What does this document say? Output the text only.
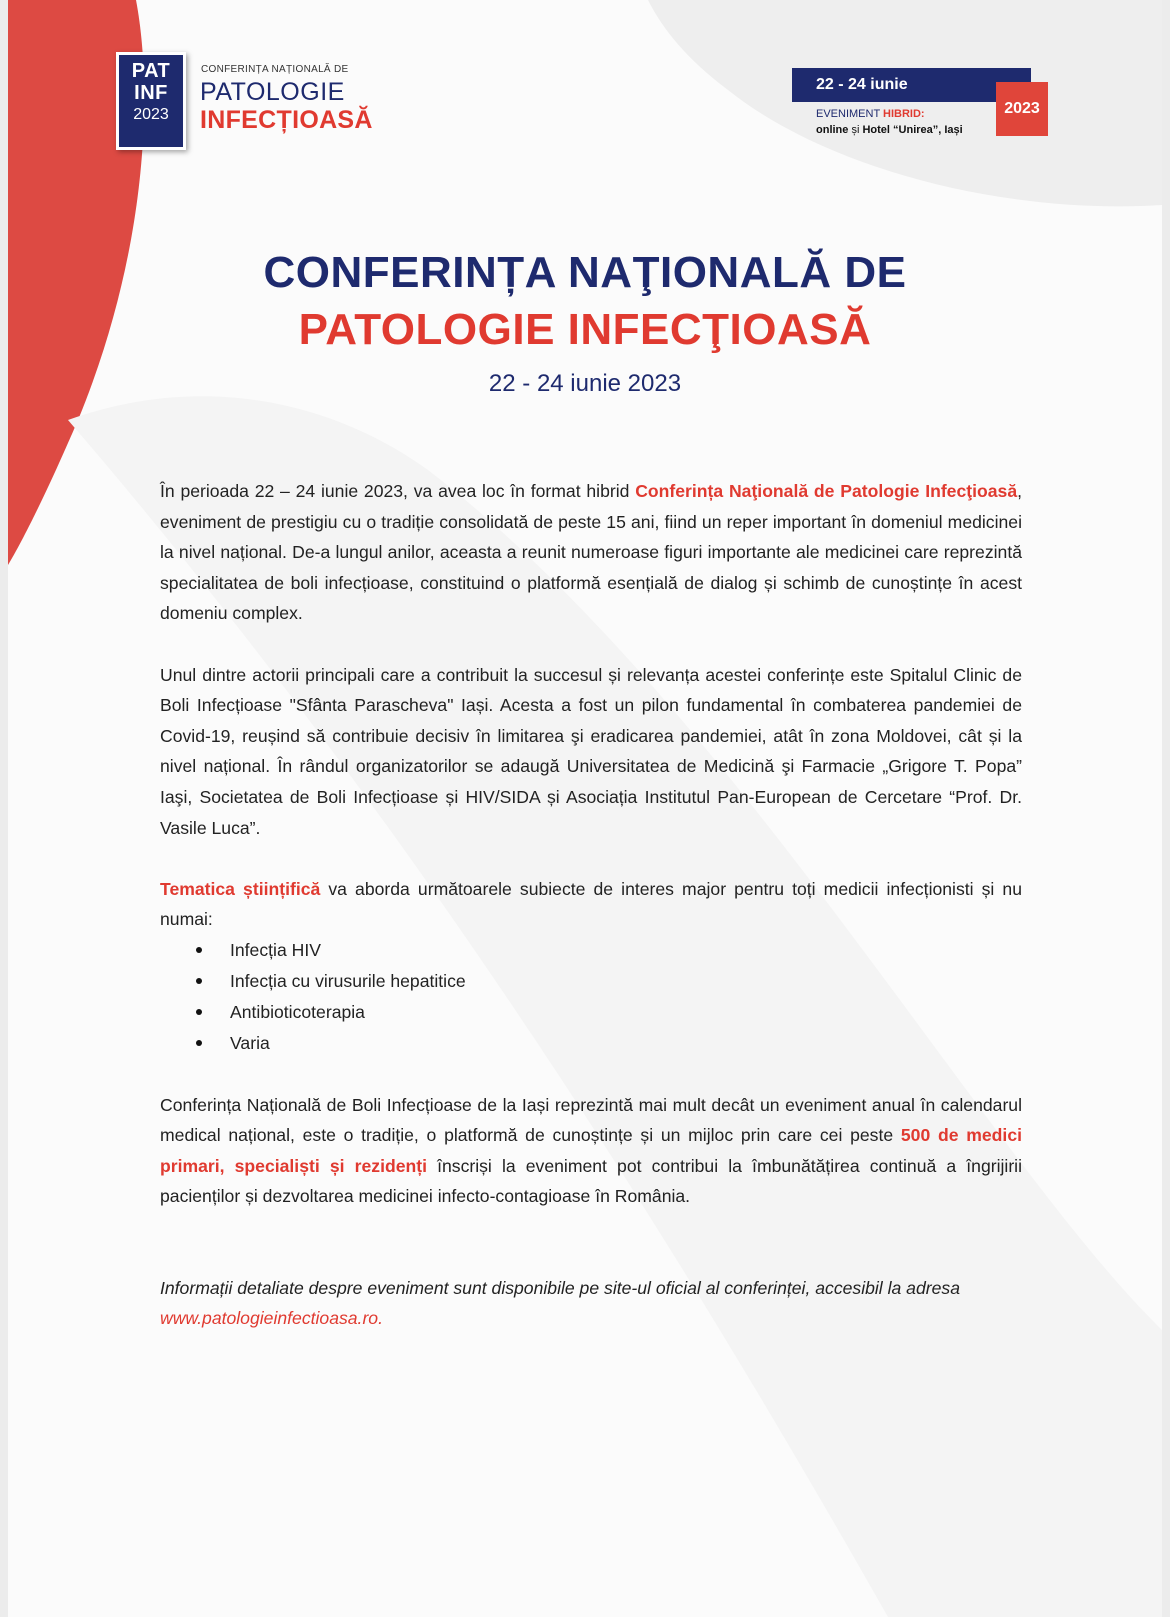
PAT
INF
2023
CONFERINȚA NAȚIONALĂ DE
PATOLOGIE
INFECȚIOASĂ
22 - 24 iunie
2023
EVENIMENT HIBRID:
online și Hotel “Unirea”, Iași
CONFERINȚA NAŢIONALĂ DE
PATOLOGIE INFECŢIOASĂ
22 - 24 iunie 2023

În perioada 22 – 24 iunie 2023, va avea loc în format hibrid Conferința Naţională de Patologie Infecţioasă, eveniment de prestigiu cu o tradiție consolidată de peste 15 ani, fiind un reper important în domeniul medicinei la nivel național. De-a lungul anilor, aceasta a reunit numeroase figuri importante ale medicinei care reprezintă specialitatea de boli infecțioase, constituind o platformă esențială de dialog și schimb de cunoștințe în acest domeniu complex.

Unul dintre actorii principali care a contribuit la succesul și relevanța acestei conferințe este Spitalul Clinic de Boli Infecțioase "Sfânta Parascheva" Iași. Acesta a fost un pilon fundamental în combaterea pandemiei de Covid-19, reușind să contribuie decisiv în limitarea şi eradicarea pandemiei, atât în zona Moldovei, cât și la nivel național. În rândul organizatorilor se adaugă Universitatea de Medicină şi Farmacie „Grigore T. Popa” Iaşi, Societatea de Boli Infecțioase și HIV/SIDA și Asociația Institutul Pan-European de Cercetare “Prof. Dr. Vasile Luca”.

Tematica științifică va aborda următoarele subiecte de interes major pentru toți medicii infecționisti și nu numai:

Infecția HIV
Infecția cu virusurile hepatitice
Antibioticoterapia
Varia

Conferința Națională de Boli Infecțioase de la Iași reprezintă mai mult decât un eveniment anual în calendarul medical național, este o tradiție, o platformă de cunoștințe și un mijloc prin care cei peste 500 de medici primari, specialiști și rezidenți înscriși la eveniment pot contribui la îmbunătățirea continuă a îngrijirii pacienților și dezvoltarea medicinei infecto-contagioase în România.

Informații detaliate despre eveniment sunt disponibile pe site-ul oficial al conferinței, accesibil la adresa www.patologieinfectioasa.ro.
